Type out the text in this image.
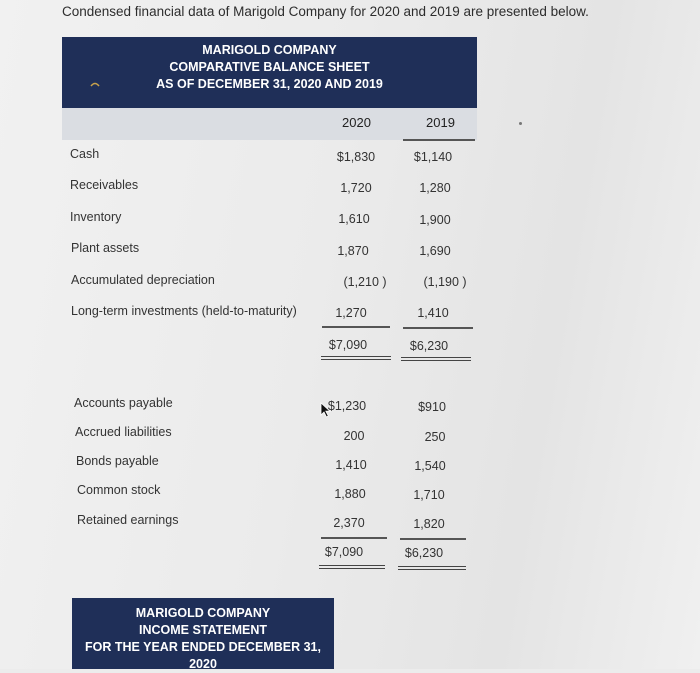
Condensed financial data of Marigold Company for 2020 and 2019 are presented below.
MARIGOLD COMPANY
COMPARATIVE BALANCE SHEET
AS OF DECEMBER 31, 2020 AND 2019
2020	2019
Cash	$1,830	$1,140
Receivables	1,720	1,280
Inventory	1,610	1,900
Plant assets	1,870	1,690
Accumulated depreciation	(1,210 )	(1,190 )
Long-term investments (held-to-maturity)	1,270	1,410
$7,090	$6,230
Accounts payable	$1,230	$910
Accrued liabilities	200	250
Bonds payable	1,410	1,540
Common stock	1,880	1,710
Retained earnings	2,370	1,820
$7,090	$6,230
MARIGOLD COMPANY
INCOME STATEMENT
FOR THE YEAR ENDED DECEMBER 31, 2020
